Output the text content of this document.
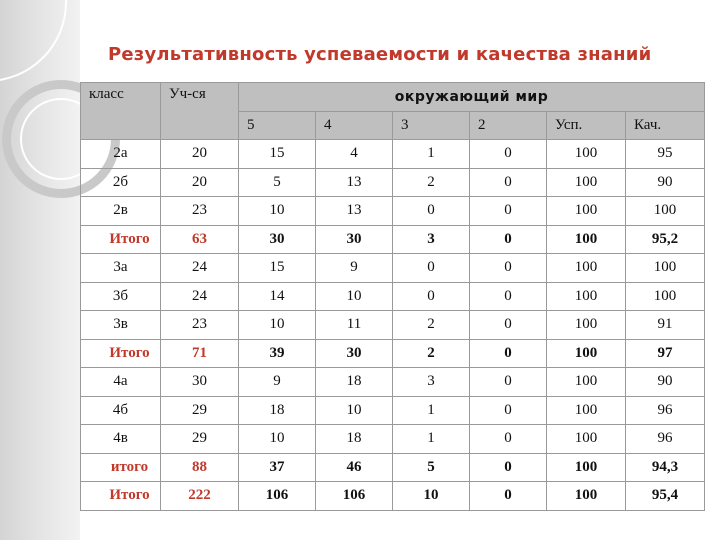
Результативность успеваемости и качества знаний
класс	Уч-ся	окружающий мир					
		5	4	3	2	Усп.	Кач.
2а	20	15	4	1	0	100	95
2б	20	5	13	2	0	100	90
2в	23	10	13	0	0	100	100
Итого	63	30	30	3	0	100	95,2
3а	24	15	9	0	0	100	100
3б	24	14	10	0	0	100	100
3в	23	10	11	2	0	100	91
Итого	71	39	30	2	0	100	97
4а	30	9	18	3	0	100	90
4б	29	18	10	1	0	100	96
4в	29	10	18	1	0	100	96
итого	88	37	46	5	0	100	94,3
Итого	222	106	106	10	0	100	95,4
